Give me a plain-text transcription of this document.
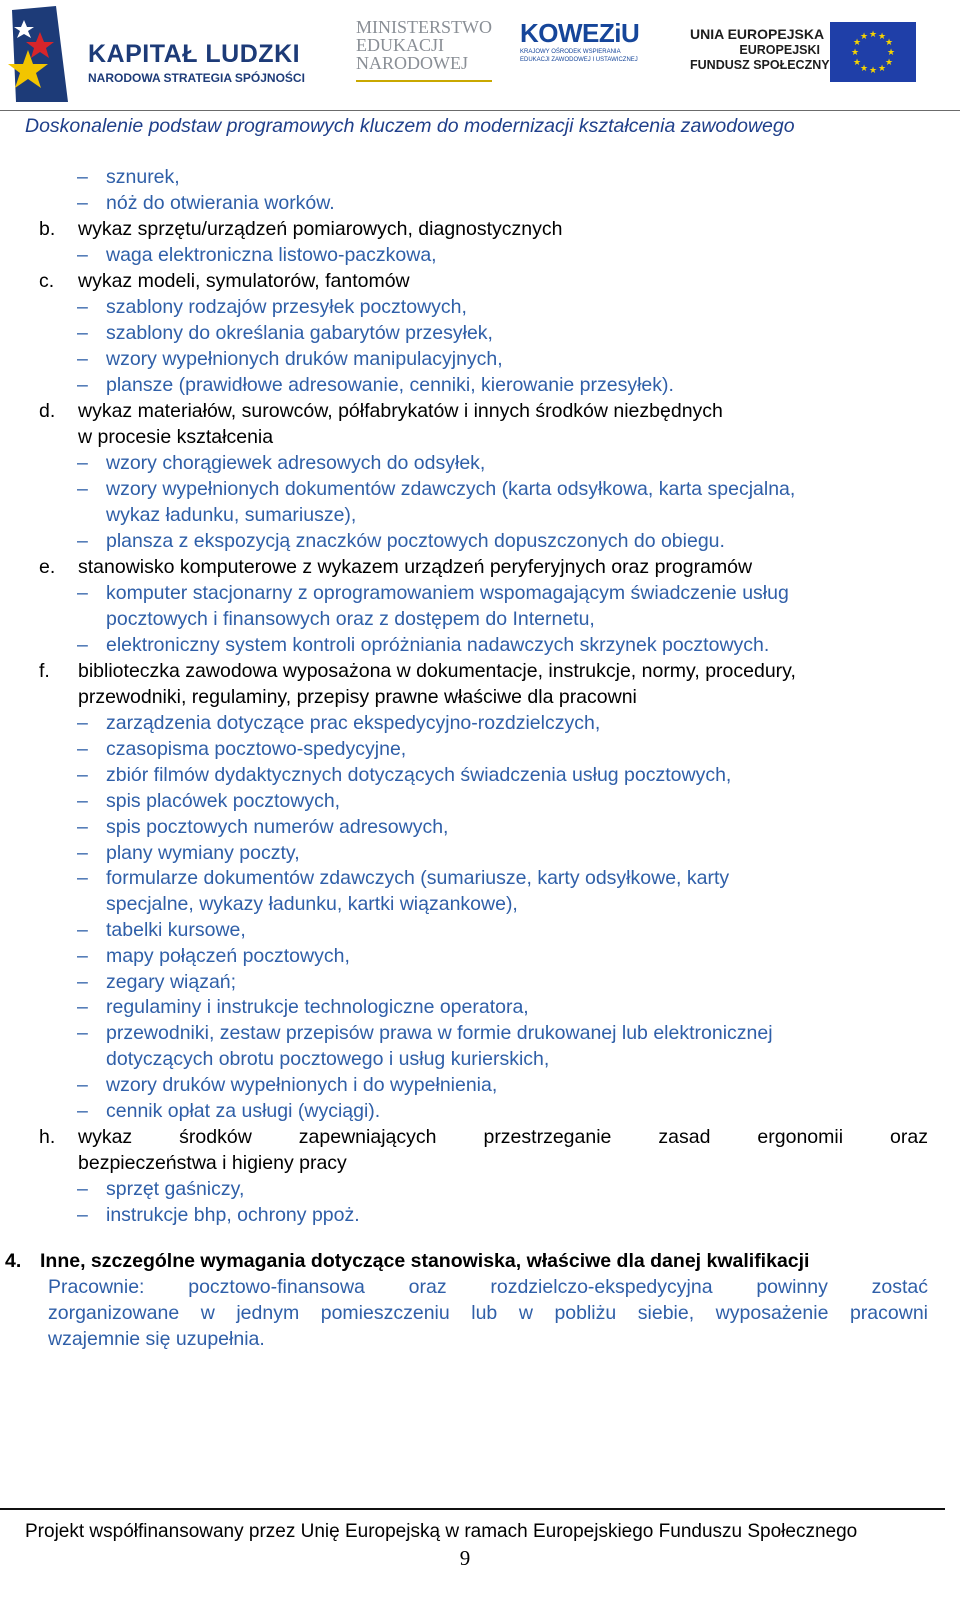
KAPITAŁ LUDZKI
NARODOWA STRATEGIA SPÓJNOŚCI
MINISTERSTWO
EDUKACJI
NARODOWEJ
KOWEZiU
KRAJOWY OŚRODEK WSPIERANIA
EDUKACJI ZAWODOWEJ I USTAWICZNEJ
UNIA EUROPEJSKA
EUROPEJSKI
FUNDUSZ SPOŁECZNY
★ ★
★
★
★
★
★
★
★
★
★
★
Doskonalenie podstaw programowych kluczem do modernizacji kształcenia zawodowego
– sznurek,
– nóż do otwierania worków.
b. wykaz sprzętu/urządzeń pomiarowych, diagnostycznych
– waga elektroniczna listowo-paczkowa,
c. wykaz modeli, symulatorów, fantomów
– szablony rodzajów przesyłek pocztowych,
– szablony do określania gabarytów przesyłek,
– wzory wypełnionych druków manipulacyjnych,
– plansze (prawidłowe adresowanie, cenniki, kierowanie przesyłek).
d. wykaz materiałów, surowców, półfabrykatów i innych środków niezbędnych
w procesie kształcenia
– wzory chorągiewek adresowych do odsyłek,
– wzory wypełnionych dokumentów zdawczych (karta odsyłkowa, karta specjalna,
wykaz ładunku, sumariusze),
– plansza z ekspozycją znaczków pocztowych dopuszczonych do obiegu.
e. stanowisko komputerowe z wykazem urządzeń peryferyjnych oraz programów
– komputer stacjonarny z oprogramowaniem wspomagającym świadczenie usług
pocztowych i finansowych oraz z dostępem do Internetu,
– elektroniczny system kontroli opróżniania nadawczych skrzynek pocztowych.
f. biblioteczka zawodowa wyposażona w dokumentacje, instrukcje, normy, procedury,
przewodniki, regulaminy, przepisy prawne właściwe dla pracowni
– zarządzenia dotyczące prac ekspedycyjno-rozdzielczych,
– czasopisma pocztowo-spedycyjne,
– zbiór filmów dydaktycznych dotyczących świadczenia usług pocztowych,
– spis placówek pocztowych,
– spis pocztowych numerów adresowych,
– plany wymiany poczty,
– formularze dokumentów zdawczych (sumariusze, karty odsyłkowe, karty
specjalne, wykazy ładunku, kartki wiązankowe),
– tabelki kursowe,
– mapy połączeń pocztowych,
– zegary wiązań;
– regulaminy i instrukcje technologiczne operatora,
– przewodniki, zestaw przepisów prawa w formie drukowanej lub elektronicznej
dotyczących obrotu pocztowego i usług kurierskich,
– wzory druków wypełnionych i do wypełnienia,
– cennik opłat za usługi (wyciągi).
h. wykaz środków zapewniających przestrzeganie zasad ergonomii oraz
bezpieczeństwa i higieny pracy
– sprzęt gaśniczy,
– instrukcje bhp, ochrony ppoż.
4. Inne, szczególne wymagania dotyczące stanowiska, właściwe dla danej kwalifikacji
Pracownie: pocztowo-finansowa oraz rozdzielczo-ekspedycyjna powinny zostać
zorganizowane w jednym pomieszczeniu lub w pobliżu siebie, wyposażenie pracowni
wzajemnie się uzupełnia.
Projekt współfinansowany przez Unię Europejską w ramach Europejskiego Funduszu Społecznego
9
